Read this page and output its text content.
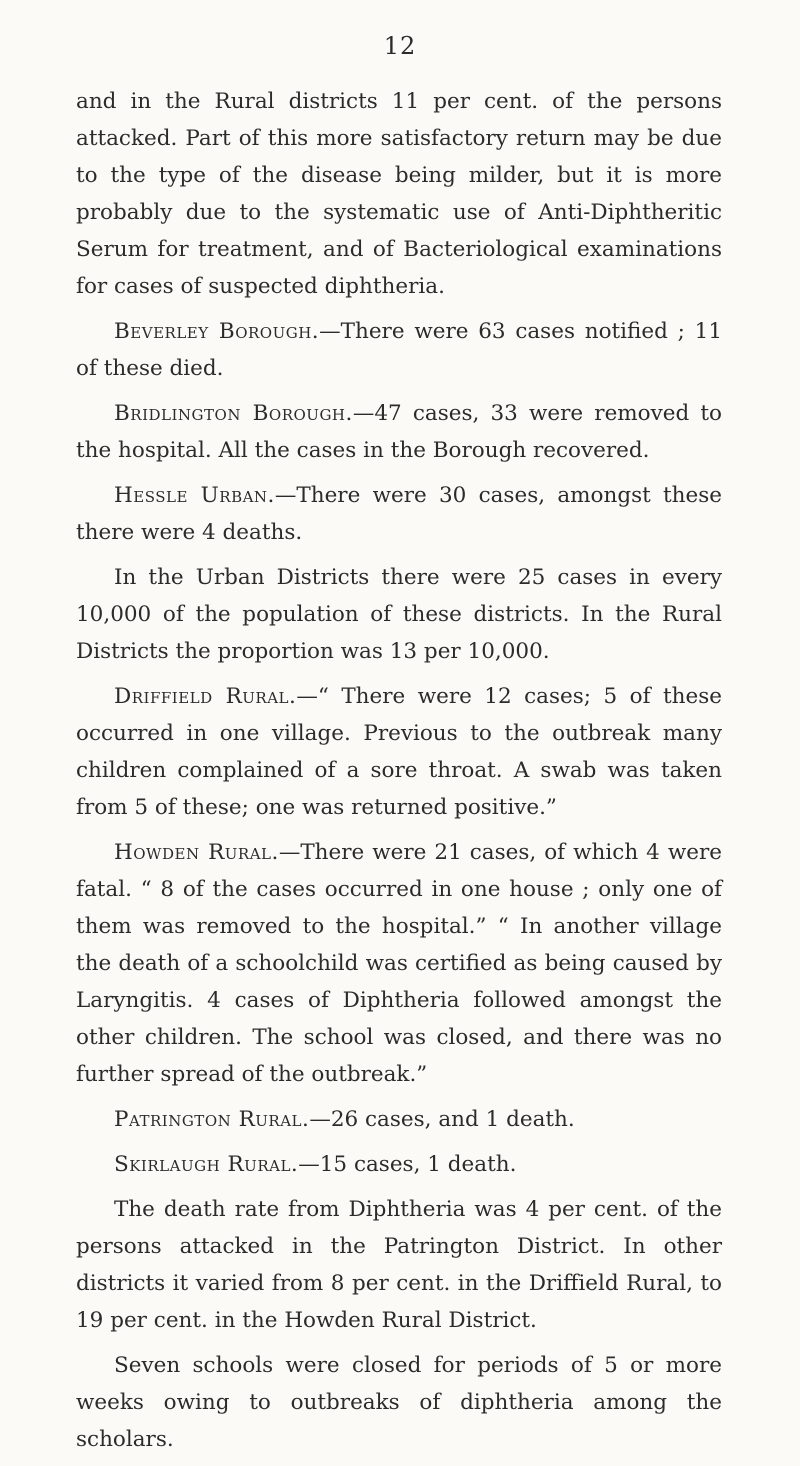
12

and in the Rural districts 11 per cent. of the persons attacked. Part of this more satisfactory return may be due to the type of the disease being milder, but it is more probably due to the systematic use of Anti-Diphtheritic Serum for treatment, and of Bacteriological examinations for cases of suspected diphtheria.

Beverley Borough.—There were 63 cases notified ; 11 of these died.

Bridlington Borough.—47 cases, 33 were removed to the hospital. All the cases in the Borough recovered.

Hessle Urban.—There were 30 cases, amongst these there were 4 deaths.

In the Urban Districts there were 25 cases in every 10,000 of the population of these districts. In the Rural Districts the proportion was 13 per 10,000.

Driffield Rural.—“ There were 12 cases; 5 of these occurred in one village. Previous to the outbreak many children complained of a sore throat. A swab was taken from 5 of these; one was returned positive.”

Howden Rural.—There were 21 cases, of which 4 were fatal. “ 8 of the cases occurred in one house ; only one of them was removed to the hospital.” “ In another village the death of a schoolchild was certified as being caused by Laryngitis. 4 cases of Diphtheria followed amongst the other children. The school was closed, and there was no further spread of the outbreak.”

Patrington Rural.—26 cases, and 1 death.

Skirlaugh Rural.—15 cases, 1 death.

The death rate from Diphtheria was 4 per cent. of the persons attacked in the Patrington District. In other districts it varied from 8 per cent. in the Driffield Rural, to 19 per cent. in the Howden Rural District.

Seven schools were closed for periods of 5 or more weeks owing to outbreaks of diphtheria among the scholars.
